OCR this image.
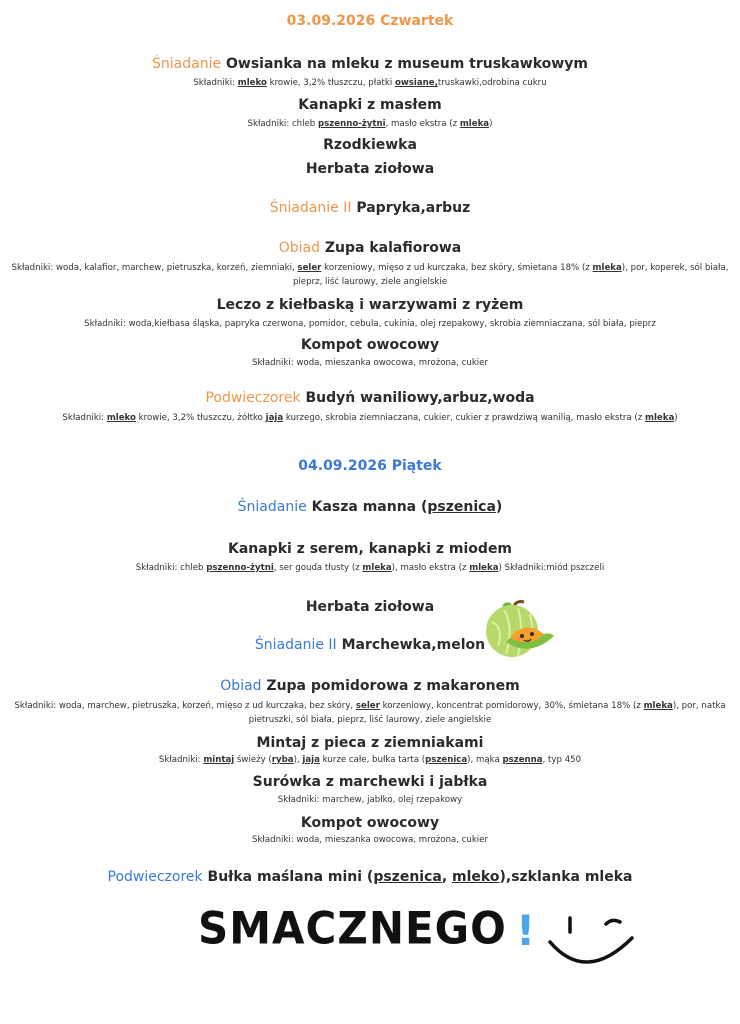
03.09.2026 Czwartek
Śniadanie Owsianka na mleku z museum truskawkowym
Składniki: mleko krowie, 3,2% tłuszczu, płatki owsiane,truskawki,odrobina cukru
Kanapki z masłem
Składniki: chleb pszenno-żytni, masło ekstra (z mleka)
Rzodkiewka
Herbata ziołowa
Śniadanie II Papryka,arbuz
Obiad Zupa kalafiorowa
Składniki: woda, kalafior, marchew, pietruszka, korzeń, ziemniaki, seler korzeniowy, mięso z ud kurczaka, bez skóry, śmietana 18% (z mleka), por, koperek, sól biała, pieprz, liść laurowy, ziele angielskie
Leczo z kiełbaską i warzywami z ryżem
Składniki: woda,kiełbasa śląska, papryka czerwona, pomidor, cebula, cukinia, olej rzepakowy, skrobia ziemniaczana, sól biała, pieprz
Kompot owocowy
Składniki: woda, mieszanka owocowa, mrożona, cukier
Podwieczorek Budyń waniliowy,arbuz,woda
Składniki: mleko krowie, 3,2% tłuszczu, żółtko jaja kurzego, skrobia ziemniaczana, cukier, cukier z prawdziwą wanilią, masło ekstra (z mleka)
04.09.2026 Piątek
Śniadanie Kasza manna (pszenica)
Kanapki z serem, kanapki z miodem
Składniki: chleb pszenno-żytni, ser gouda tłusty (z mleka), masło ekstra (z mleka) Składniki:miód pszczeli
Herbata ziołowa
Śniadanie II Marchewka,melon
Obiad Zupa pomidorowa z makaronem
Składniki: woda, marchew, pietruszka, korzeń, mięso z ud kurczaka, bez skóry, seler korzeniowy, koncentrat pomidorowy, 30%, śmietana 18% (z mleka), por, natka pietruszki, sól biała, pieprz, liść laurowy, ziele angielskie
Mintaj z pieca z ziemniakami
Składniki: mintaj świeży (ryba), jaja kurze całe, bułka tarta (pszenica), mąka pszenna, typ 450
Surówka z marchewki i jabłka
Składniki: marchew, jabłko, olej rzepakowy
Kompot owocowy
Składniki: woda, mieszanka owocowa, mrożona, cukier
Podwieczorek Bułka maślana mini (pszenica, mleko),szklanka mleka
SMACZNEGO !
